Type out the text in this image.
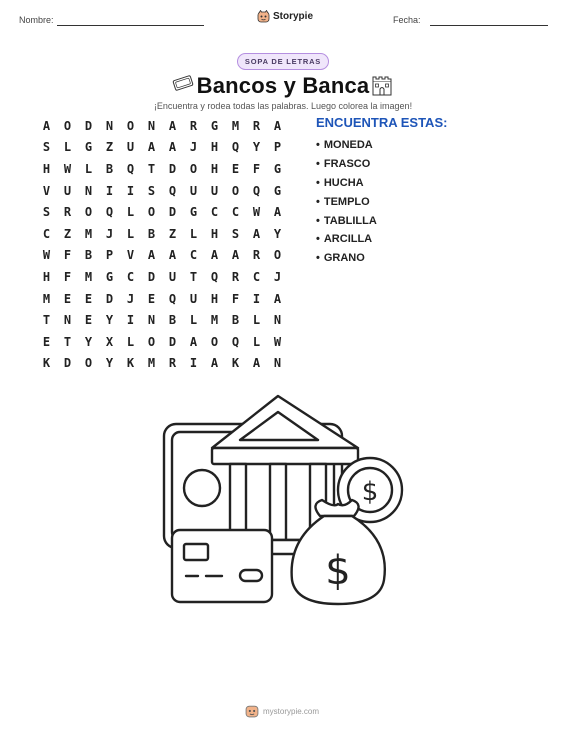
Nombre:	Storypie	Fecha:
SOPA DE LETRAS
Bancos y Banca
¡Encuentra y rodea todas las palabras. Luego colorea la imagen!
A	O	D	N	O	N	A	R	G	M	R	A
S	L	G	Z	U	A	A	J	H	Q	Y	P
H	W	L	B	Q	T	D	O	H	E	F	G
V	U	N	I	I	S	Q	U	U	O	Q	G
S	R	O	Q	L	O	D	G	C	C	W	A
C	Z	M	J	L	B	Z	L	H	S	A	Y
W	F	B	P	V	A	A	C	A	A	R	O
H	F	M	G	C	D	U	T	Q	R	C	J
M	E	E	D	J	E	Q	U	H	F	I	A
T	N	E	Y	I	N	B	L	M	B	L	N
E	T	Y	X	L	O	D	A	O	Q	L	W
K	D	O	Y	K	M	R	I	A	K	A	N
ENCUENTRA ESTAS:
• MONEDA
• FRASCO
• HUCHA
• TEMPLO
• TABLILLA
• ARCILLA
• GRANO
$
$
mystorypie.com
